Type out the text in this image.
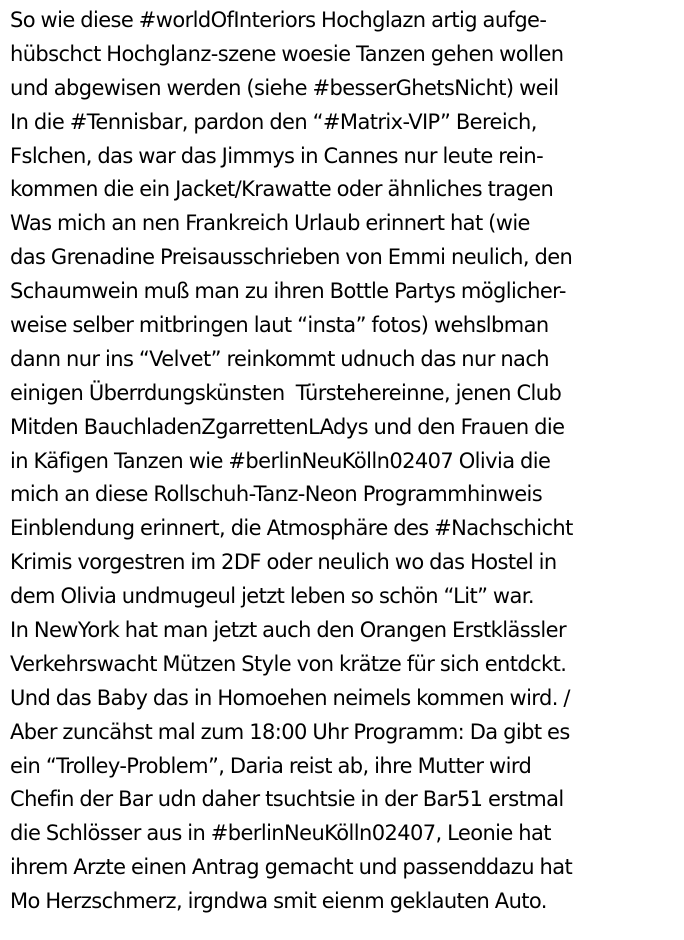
So wie diese #worldOfInteriors Hochglazn artig aufge-
hübschct Hochglanz-szene woesie Tanzen gehen wollen
und abgewisen werden (siehe #besserGhetsNicht) weil
In die #Tennisbar, pardon den “#Matrix-VIP” Bereich,
Fslchen, das war das Jimmys in Cannes nur leute rein-
kommen die ein Jacket/Krawatte oder ähnliches tragen
Was mich an nen Frankreich Urlaub erinnert hat (wie
das Grenadine Preisausschrieben von Emmi neulich, den
Schaumwein muß man zu ihren Bottle Partys möglicher-
weise selber mitbringen laut “insta” fotos) wehslbman
dann nur ins “Velvet” reinkommt udnuch das nur nach
einigen Überrdungskünsten  Türstehereinne, jenen Club
Mitden BauchladenZgarrettenLAdys und den Frauen die
in Käfigen Tanzen wie #berlinNeuKölln02407 Olivia die
mich an diese Rollschuh-Tanz-Neon Programmhinweis
Einblendung erinnert, die Atmosphäre des #Nachschicht
Krimis vorgestren im 2DF oder neulich wo das Hostel in
dem Olivia undmugeul jetzt leben so schön “Lit” war.
In NewYork hat man jetzt auch den Orangen Erstklässler
Verkehrswacht Mützen Style von krätze für sich entdckt.
Und das Baby das in Homoehen neimels kommen wird. /
Aber zuncähst mal zum 18:00 Uhr Programm: Da gibt es
ein “Trolley-Problem”, Daria reist ab, ihre Mutter wird
Chefin der Bar udn daher tsuchtsie in der Bar51 erstmal
die Schlösser aus in #berlinNeuKölln02407, Leonie hat
ihrem Arzte einen Antrag gemacht und passenddazu hat
Mo Herzschmerz, irgndwa smit eienm geklauten Auto.
